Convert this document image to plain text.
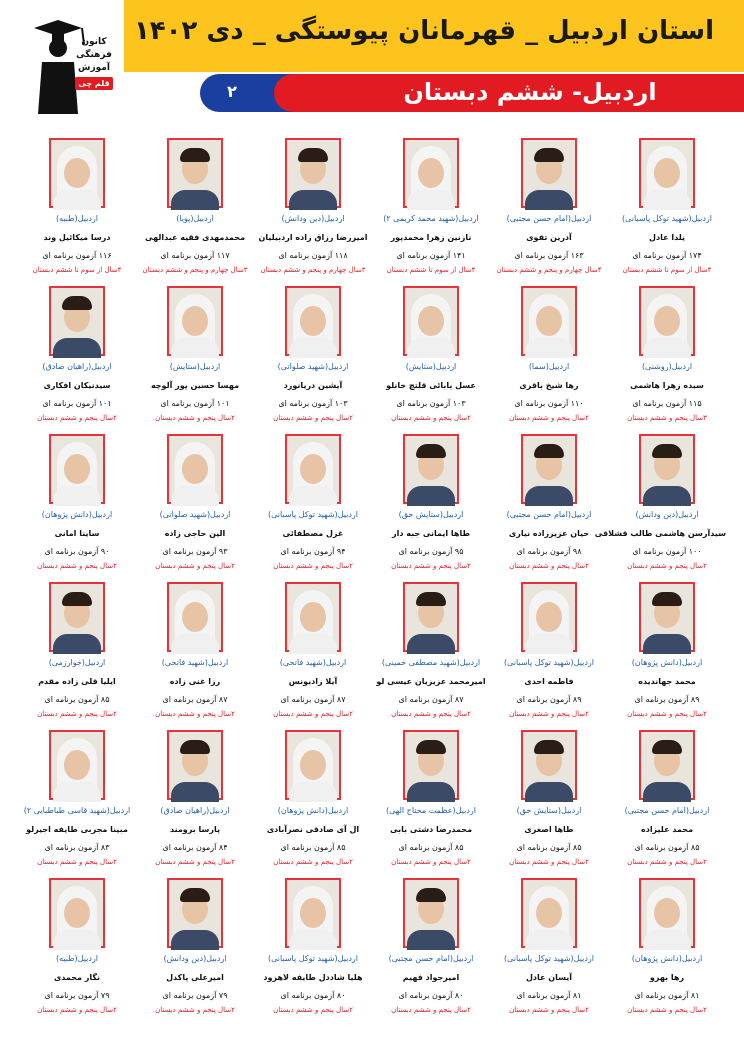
کانون
فرهنگی
آموزش
قلم چی
استان اردبیل _ قهرمانان پیوستگی _ دی ۱۴۰۲
۲	اردبیل- ششم دبستان
اردبیل(شهید توکل پاسبانی)
یلدا عادل
۱۷۴ آزمون برنامه ای
۴سال از سوم تا ششم دبستان
اردبیل(امام حسن مجتبی)
آدرین تقوی
۱۶۳ آزمون برنامه ای
۴سال چهارم و پنجم و ششم دبستان
اردبیل(شهید محمد کریمی ۲)
نازنین زهرا محمدپور
۱۴۱ آزمون برنامه ای
۴سال از سوم تا ششم دبستان
اردبیل(دین ودانش)
امیررضا رزاق زاده اردبیلیان
۱۱۸ آزمون برنامه ای
۳سال چهارم و پنجم و ششم دبستان
اردبیل(پویا)
محمدمهدی فقیه عبدالهی
۱۱۷ آزمون برنامه ای
۳سال چهارم و پنجم و ششم دبستان
اردبیل(طبیه)
درسا میکائیل وند
۱۱۶ آزمون برنامه ای
۴سال از سوم تا ششم دبستان
اردبیل(روشنی)
سیده زهرا هاشمی
۱۱۵ آزمون برنامه ای
۳سال پنجم و ششم دبستان
اردبیل(سما)
رها شیخ باقری
۱۱۰ آزمون برنامه ای
۲سال پنجم و ششم دبستان
اردبیل(ستایش)
عسل بابائی قلتچ خانلو
۱۰۳ آزمون برنامه ای
۲سال پنجم و ششم دبستان
اردبیل(شهید صلواتی)
آیشین دریانورد
۱۰۳ آزمون برنامه ای
۲سال پنجم و ششم دبستان
اردبیل(ستایش)
مهسا حسین پور آلوچه
۱۰۱ آزمون برنامه ای
۲سال پنجم و ششم دبستان
اردبیل(راهیان صادق)
سیدنیکان افکاری
۱۰۱ آزمون برنامه ای
۲سال پنجم و ششم دبستان
اردبیل(دین ودانش)
سیدآرسن هاشمی طالب قشلاقی
۱۰۰ آزمون برنامه ای
۲سال پنجم و ششم دبستان
اردبیل(امام حسن مجتبی)
حیان عزیززاده نیاری
۹۸ آزمون برنامه ای
۲سال پنجم و ششم دبستان
اردبیل(ستایش حق)
طاها ایمانی جبه دار
۹۵ آزمون برنامه ای
۲سال پنجم و ششم دبستان
اردبیل(شهید توکل پاسبانی)
غزل مصطفائی
۹۴ آزمون برنامه ای
۲سال پنجم و ششم دبستان
اردبیل(شهید صلواتی)
الین حاجی زاده
۹۳ آزمون برنامه ای
۲سال پنجم و ششم دبستان
اردبیل(دانش پژوهان)
ساینا امانی
۹۰ آزمون برنامه ای
۲سال پنجم و ششم دبستان
اردبیل(دانش پژوهان)
محمد جهاندیده
۸۹ آزمون برنامه ای
۲سال پنجم و ششم دبستان
اردبیل(شهید توکل پاسبانی)
فاطمه احدی
۸۹ آزمون برنامه ای
۲سال پنجم و ششم دبستان
اردبیل(شهید مصطفی خمینی)
امیرمحمد عزیزیان عیسی لو
۸۷ آزمون برنامه ای
۲سال پنجم و ششم دبستان
اردبیل(شهید فاتحی)
آیلا زادیونس
۸۷ آزمون برنامه ای
۲سال پنجم و ششم دبستان
اردبیل(شهید فاتحی)
رزا غنی زاده
۸۷ آزمون برنامه ای
۲سال پنجم و ششم دبستان
اردبیل(خوارزمی)
ایلیا قلی زاده مقدم
۸۵ آزمون برنامه ای
۲سال پنجم و ششم دبستان
اردبیل(امام حسن مجتبی)
محمد علیزاده
۸۵ آزمون برنامه ای
۲سال پنجم و ششم دبستان
اردبیل(ستایش حق)
طاها اصغری
۸۵ آزمون برنامه ای
۲سال پنجم و ششم دبستان
اردبیل(عظمت محتاج الهی)
محمدرضا دشتی بابی
۸۵ آزمون برنامه ای
۲سال پنجم و ششم دبستان
اردبیل(دانش پژوهان)
ال آی صادقی نصرآبادی
۸۵ آزمون برنامه ای
۲سال پنجم و ششم دبستان
اردبیل(راهیان صادق)
پارسا برومند
۸۴ آزمون برنامه ای
۲سال پنجم و ششم دبستان
اردبیل(شهید قاسی طباطبایی ۲)
مبینا مجربی طایفه اجیرلو
۸۳ آزمون برنامه ای
۲سال پنجم و ششم دبستان
اردبیل(دانش پژوهان)
رها بهرو
۸۱ آزمون برنامه ای
۲سال پنجم و ششم دبستان
اردبیل(شهید توکل پاسبانی)
آیسان عادل
۸۱ آزمون برنامه ای
۲سال پنجم و ششم دبستان
اردبیل(امام حسن مجتبی)
امیرجواد فهیم
۸۰ آزمون برنامه ای
۲سال پنجم و ششم دبستان
اردبیل(شهید توکل پاسبانی)
هلیا شاددل طایفه لاهرود
۸۰ آزمون برنامه ای
۲سال پنجم و ششم دبستان
اردبیل(دین ودانش)
امیرعلی پاکدل
۷۹ آزمون برنامه ای
۲سال پنجم و ششم دبستان
اردبیل(طبیه)
نگار محمدی
۷۹ آزمون برنامه ای
۲سال پنجم و ششم دبستان
